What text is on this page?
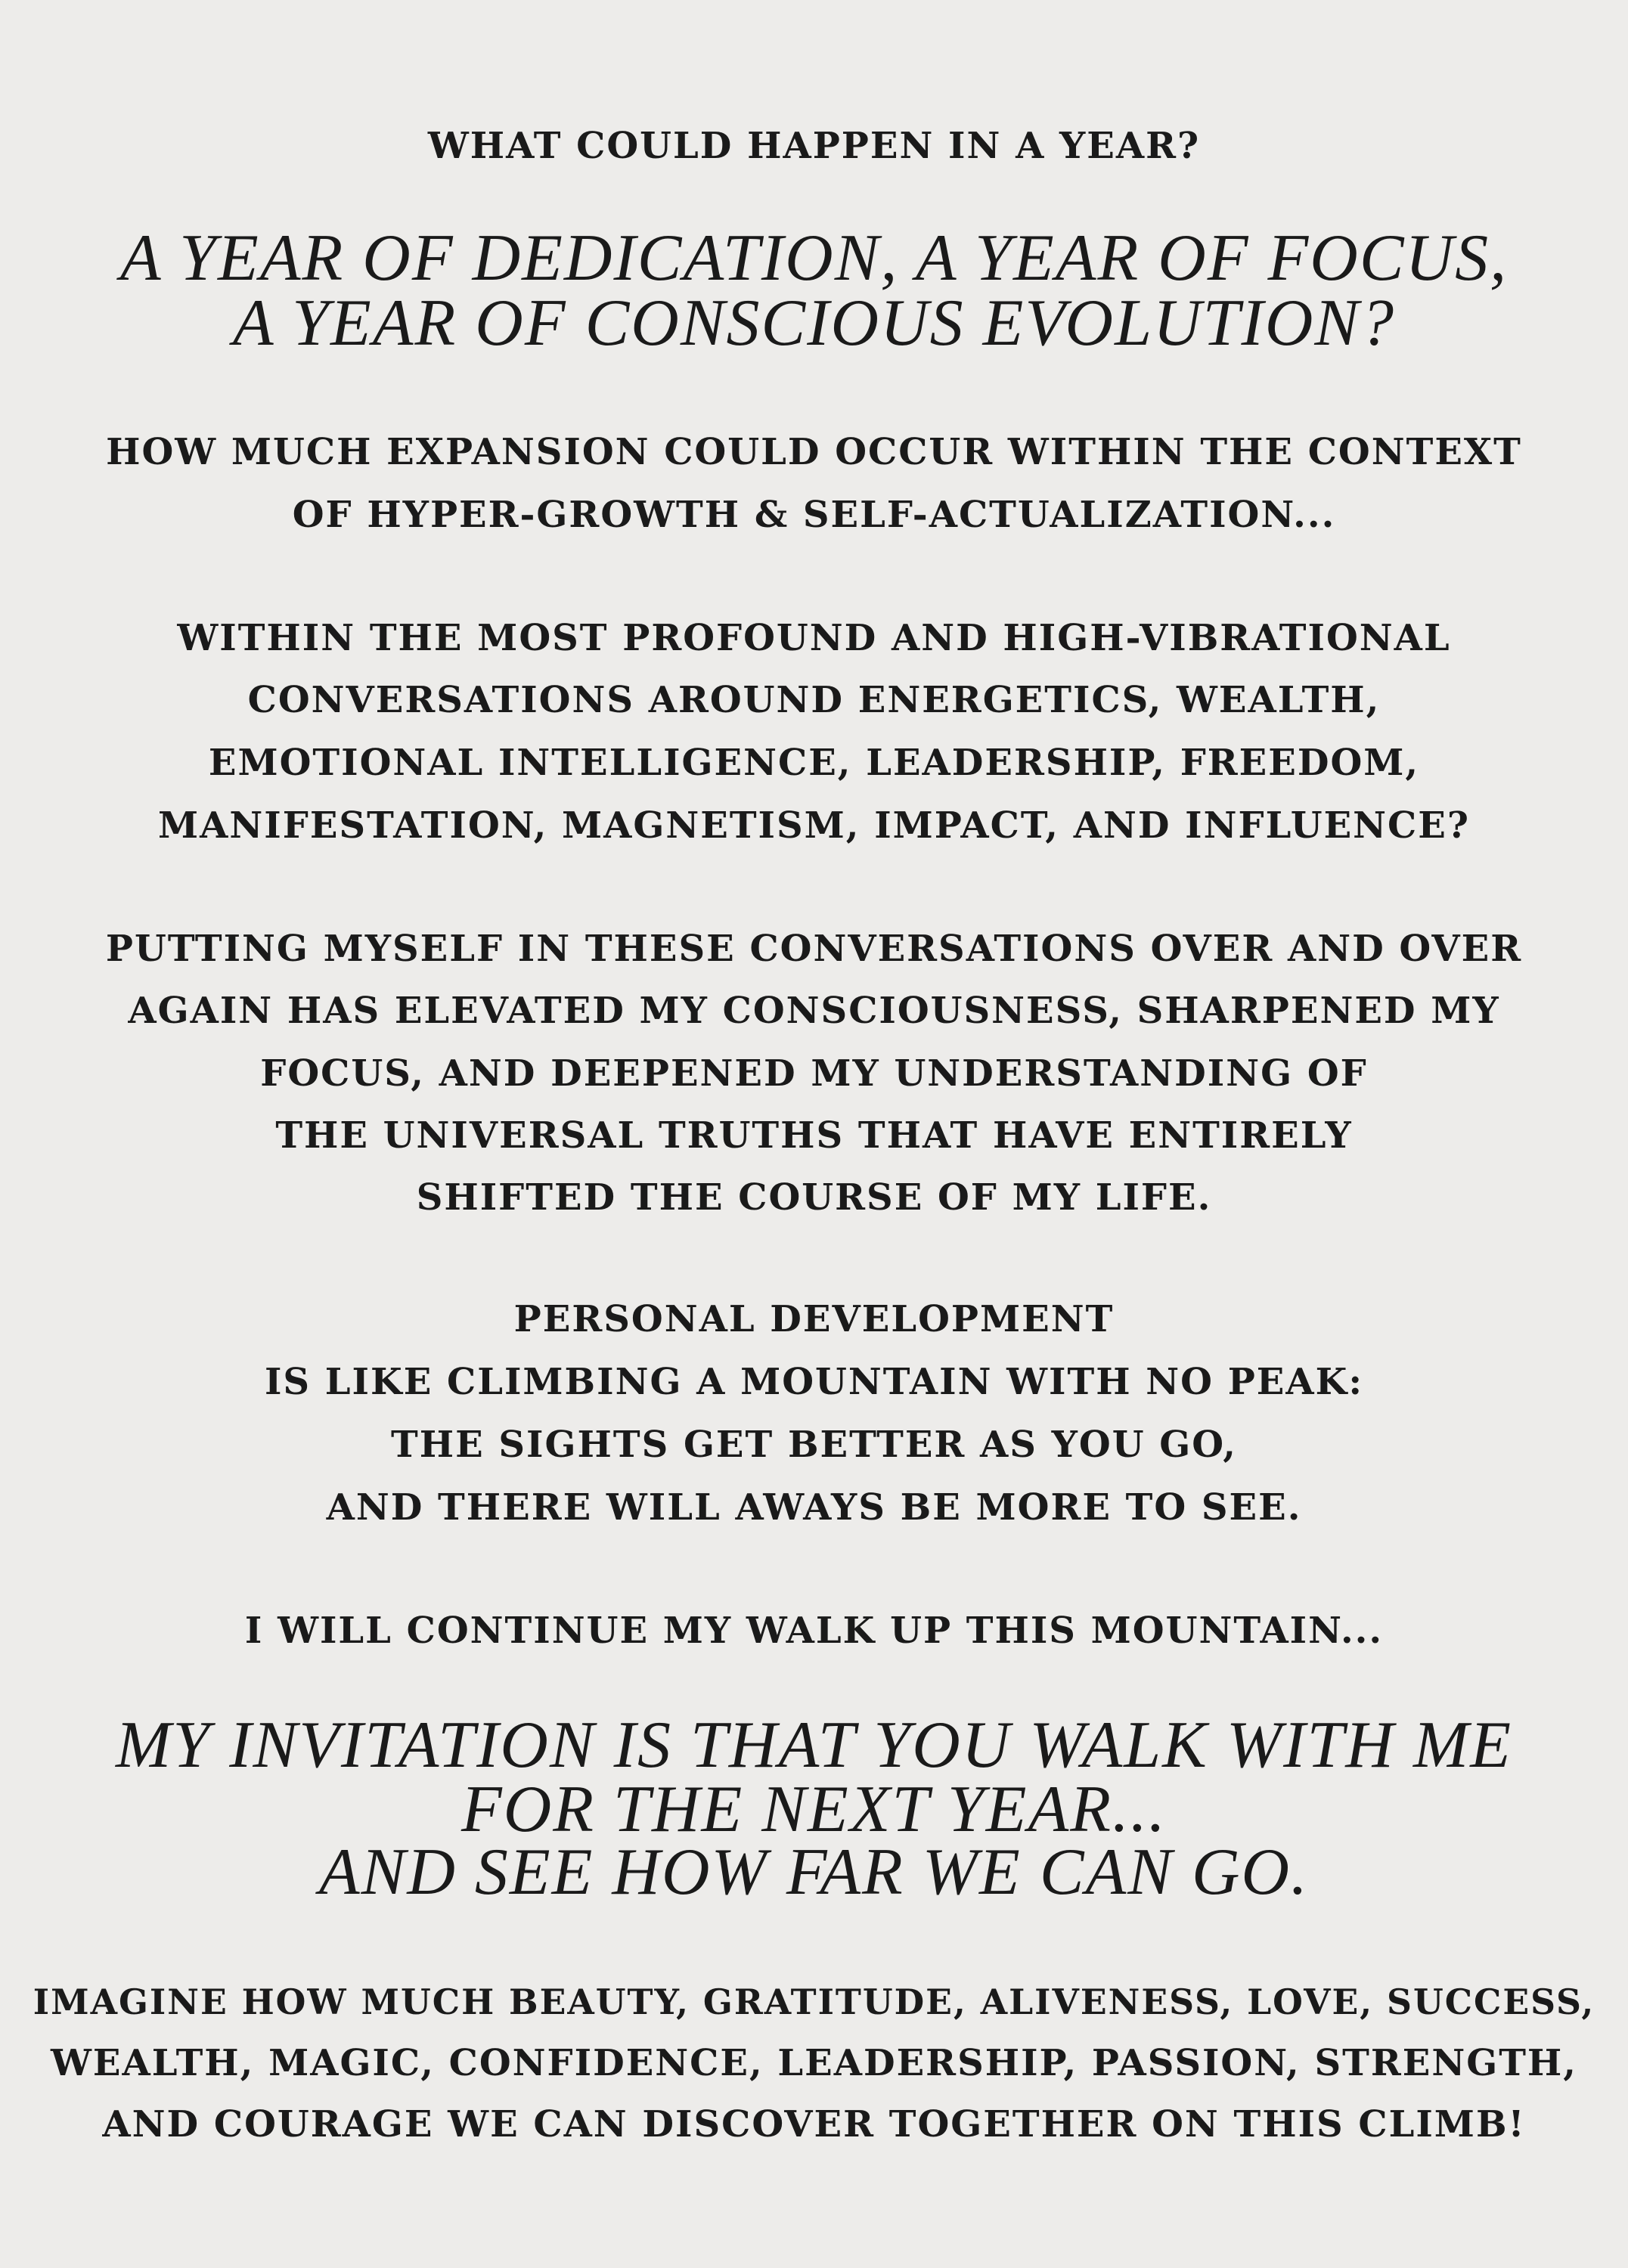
WHAT COULD HAPPEN IN A YEAR?

A YEAR OF DEDICATION, A YEAR OF FOCUS,

A YEAR OF CONSCIOUS EVOLUTION?

HOW MUCH EXPANSION COULD OCCUR WITHIN THE CONTEXT

OF HYPER-GROWTH & SELF-ACTUALIZATION...

WITHIN THE MOST PROFOUND AND HIGH-VIBRATIONAL

CONVERSATIONS AROUND ENERGETICS, WEALTH,

EMOTIONAL INTELLIGENCE, LEADERSHIP, FREEDOM,

MANIFESTATION, MAGNETISM, IMPACT, AND INFLUENCE?

PUTTING MYSELF IN THESE CONVERSATIONS OVER AND OVER

AGAIN HAS ELEVATED MY CONSCIOUSNESS, SHARPENED MY

FOCUS, AND DEEPENED MY UNDERSTANDING OF

THE UNIVERSAL TRUTHS THAT HAVE ENTIRELY

SHIFTED THE COURSE OF MY LIFE.

PERSONAL DEVELOPMENT

IS LIKE CLIMBING A MOUNTAIN WITH NO PEAK:

THE SIGHTS GET BETTER AS YOU GO,

AND THERE WILL AWAYS BE MORE TO SEE.

I WILL CONTINUE MY WALK UP THIS MOUNTAIN...

MY INVITATION IS THAT YOU WALK WITH ME

FOR THE NEXT YEAR...

AND SEE HOW FAR WE CAN GO.

IMAGINE HOW MUCH BEAUTY, GRATITUDE, ALIVENESS, LOVE, SUCCESS,

WEALTH, MAGIC, CONFIDENCE, LEADERSHIP, PASSION, STRENGTH,

AND COURAGE WE CAN DISCOVER TOGETHER ON THIS CLIMB!
